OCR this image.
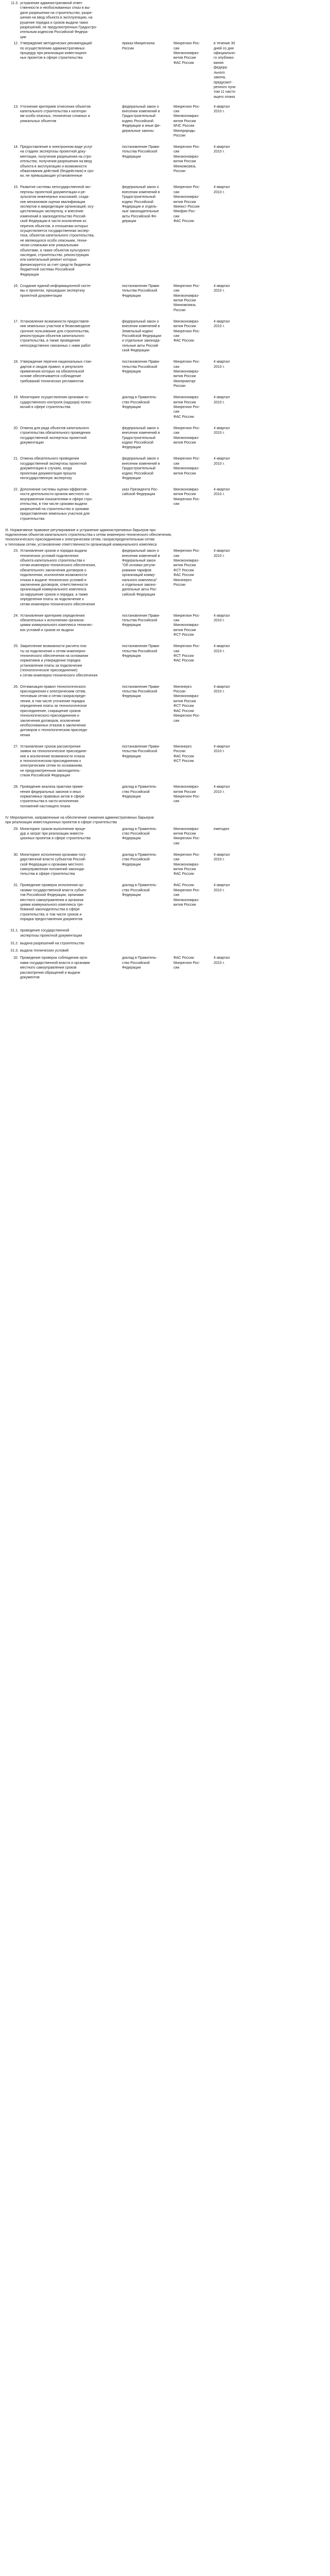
11.3. устранение административной ответ-
ственности и необоснованных отказ в вы-
даче разрешения на строительство, разре-
шения на ввод объекта в эксплуатацию, на
рушение порядка и сроков выдачи таких
разрешений, не предусмотренных Градостро-
ительным кодексом Российской Федера-
ции
12. Утверждение методических рекомендаций
по осуществлению административных
процедур при реализации инвестицион-
ных проектов в сфере строительства
приказ Минрегиона
России
Минрегион Рос-
сии
Минэкономраз-
вития России
ФАС России
в течение 30
дней со дня
официально-
го опублико-
вания федера-
льного закона,
предусмот-
ренного пунк-
том 11 насто-
ящего плана
13. Уточнение критериев отнесения объектов
капитального строительства к категори-
ям особо опасных, технически сложных и
уникальных объектов
федеральный закон о
внесении изменений в
Градостроительный
кодекс Российской
Федерации и иные фе-
деральные законы
Минрегион Рос-
сии
Минэкономраз-
вития России
МЧС России
Минприроды
России
4 квартал
2010 г.
14. Предоставление в электронном виде услуг
на стадиях экспертизы проектной доку-
ментации, получения разрешения на стро-
ительство, получения разрешения на ввод
объекта в эксплуатацию и возможности
обжалования действий (бездействия) в сро-
ки, не превышающие установленные
постановление Прави-
тельства Российской
Федерации
Минрегион Рос-
сии
Минэкономраз-
вития России
Минкомсвязь
России
4 квартал
2010 г.
15. Развитие системы негосударственной экс-
пертизы проектной документации и ре-
зультатов инженерных изысканий, созда-
ние механизмов оценки квалификации
экспертов и аккредитации организаций, осу-
ществляющих экспертизу, и внесение
изменений в законодательство Россий-
ской Федерации в части исключения из
перечня объектов, в отношении которых
осуществляется государственная экспер-
тиза, объектов капитального строительства,
не являющихся особо опасными, техни-
чески сложными или уникальными
объектами, а также объектов культурного
наследия, строительство, реконструкция
или капитальный ремонт которых
финансируется за счет средств бюджетов
бюджетной системы Российской
Федерации
федеральный закон о
внесении изменений в
Градостроительный
кодекс Российской
Федерации и отдель-
ные законодательные
акты Российской Фе-
дерации
Минрегион Рос-
сии
Минэкономраз-
вития России
Минюст России
Минфин Рос-
сии
ФАС России
4 квартал
2010 г.
16. Создание единой информационной систе-
мы о проектах, прошедших экспертизу
проектной документации
постановление Прави-
тельства Российской
Федерации
Минрегион Рос-
сии
Минэкономраз-
вития России
Минкомсвязь
России
4 квартал
2010 г.
17. Установление возможности предоставле-
ния земельных участков в безвозмездное
срочное пользование для строительства,
реконструкции объектов капитального
строительства, а также проведения
непосредственно связанных с ними работ
федеральный закон о
внесении изменений в
Земельный кодекс
Российской Федерации
и отдельные законода-
тельные акты Россий-
ской Федерации
Минэкономраз-
вития России
Минрегион Рос-
сии
ФАС России
4 квартал
2010 г.
18. Утверждение перечня национальных стан-
дартов и сводов правил, в результате
применения которых на обязательной
основе обеспечивается соблюдение
требований технических регламентов
постановление Прави-
тельства Российской
Федерации
Минрегион Рос-
сии
Минэкономраз-
вития России
Минпромторг
России
4 квартал
2010 г.
19. Мониторинг осуществления органами го-
сударственного контроля (надзора) полно-
мочий в сфере строительства
доклад в Правитель-
ство Российской
Федерации
Минэкономраз-
вития России
Минрегион Рос-
сии
ФАС России
4 квартал
2010 г.
20. Отмена для ряда объектов капитального
строительства обязательного проведения
государственной экспертизы проектной
документации
федеральный закон о
внесении изменений в
Градостроительный
кодекс Российской
Федерации
Минрегион Рос-
сии
Минэкономраз-
вития России
4 квартал
2010 г.
21. Отмена обязательного проведения
государственной экспертизы проектной
документации в случаях, когда
проектная документация прошла
негосударственную экспертизу
федеральный закон о
внесении изменений в
Градостроительный
кодекс Российской
Федерации
Минрегион Рос-
сии
Минэкономраз-
вития России
4 квартал
2010 г.
22. Дополнение системы оценки эффектив-
ности деятельности органов местного са-
моуправления показателями в сфере стро-
ительства, в том числе сроками выдачи
разрешений на строительство и сроками
предоставления земельных участков для
строительства
указ Президента Рос-
сийской Федерации
Минэкономраз-
вития России
Минрегион Рос-
сии
4 квартал
2010 г.
III. Нормативное правовое регулирование и устранение административных барьеров при
подключении объектов капитального строительства к сетям инженерно-технического обеспечения,
технологического присоединения к электрическим сетям, газораспределительным сетям
и тепловым сетям, установление ответственности организаций коммунального комплекса
23. Установление сроков и порядка выдачи
технических условий подключения
объекта капитального строительства к
сетям инженерно-технического обеспечения,
обязательного заключения договоров о
подключении, исключения возможности
отказа в выдаче технических условий и
заключении договоров, ответственности
организаций коммунального комплекса
за нарушение сроков и порядка, а также
определения платы за подключение к
сетям инженерно-технического обеспечения
федеральный закон о
внесении изменений в
Федеральный закон
"Об основах регули-
рования тарифов
организаций комму-
нального комплекса"
и отдельные законо-
дательные акты Рос-
сийской Федерации
Минрегион Рос-
сии
Минэкономраз-
вития России
ФСТ России
ФАС России
Минэнерго
России
4 квартал
2010 г.
24. Установление критериев определения
обязательных к исполнению организа-
циями коммунального комплекса техничес-
ких условий и сроков их выдачи
постановление Прави-
тельства Российской
Федерации
Минрегион Рос-
сии
Минэкономраз-
вития России
ФСТ России
4 квартал
2010 г.
25. Закрепление возможности расчета пла-
ты за подключение к сетям инженерно-
технического обеспечения на основании
нормативов и утверждение порядка
установления платы за подключение
(технологическое присоединение)
к сетям инженерно-технического обеспечения
постановление Прави-
тельства Российской
Федерации
Минрегион Рос-
сии
ФСТ России
ФАС России
4 квартал
2010 г.
26. Оптимизация правил технологического
присоединения к электрическим сетям,
тепловым сетям и сетям газораспреде-
ления, в том числе уточнение порядка
определения платы за технологическое
присоединение, сокращение сроков
технологического присоединения и
заключения договоров, исключение
необоснованных отказов в заключении
договоров о технологическом присоеди-
нении
постановление Прави-
тельства Российской
Федерации
Минэнерго
России
Минэкономраз-
вития России
ФСТ России
ФАС России
Минрегион Рос-
сии
4 квартал
2010 г.
27. Установление сроков рассмотрения
заявок на технологическое присоедине-
ние и исключение возможности отказа
в технологическом присоединении к
электрическим сетям по основаниям,
не предусмотренным законодатель-
ством Российской Федерации
постановление Прави-
тельства Российской
Федерации
Минэнерго
России
ФАС России
ФСТ России
4 квартал
2010 г.
28. Проведение анализа практики приме-
нения федеральных законов и иных
нормативных правовых актов в сфере
строительства в части исполнения
положений настоящего плана
доклад в Правитель-
ство Российской
Федерации
Минэкономраз-
вития России
Минрегион Рос-
сии
4 квартал
2010 г.
IV. Мероприятия, направленные на обеспечение снижения административных барьеров
при реализации инвестиционных проектов в сфере строительства
29. Мониторинг сроков выполнения проце-
дур и затрат при реализации инвести-
ционных проектов в сфере строительства
доклад в Правитель-
ство Российской
Федерации
Минэкономраз-
вития России
Минрегион Рос-
сии
ежегодно
30. Мониторинг исполнения органами госу-
дарственной власти субъектов Россий-
ской Федерации и органами местного
самоуправления положений законода-
тельства в сфере строительства
доклад в Правитель-
ство Российской
Федерации
Минрегион Рос-
сии
Минэкономраз-
вития России
ФАС России
4 квартал
2010 г.
31. Проведение проверок исполнения ор-
ганами государственной власти субъек-
тов Российской Федерации, органами
местного самоуправления и организа-
циями коммунального комплекса тре-
бований законодательства в сфере
строительства, в том числе сроков и
порядка предоставления документов
доклад в Правитель-
ство Российской
Федерации
ФАС России
Минрегион Рос-
сии
Минэкономраз-
вития России
4 квартал
2010 г.
31.1. проведение государственной
экспертизы проектной документации
31.2. выдача разрешений на строительство
31.3. выдача технических условий
32. Проведение проверок соблюдения орга-
нами государственной власти и органами
местного самоуправления сроков
рассмотрения обращений и выдачи
документов
доклад в Правитель-
ство Российской
Федерации
ФАС России
Минрегион Рос-
сии
4 квартал
2010 г.
